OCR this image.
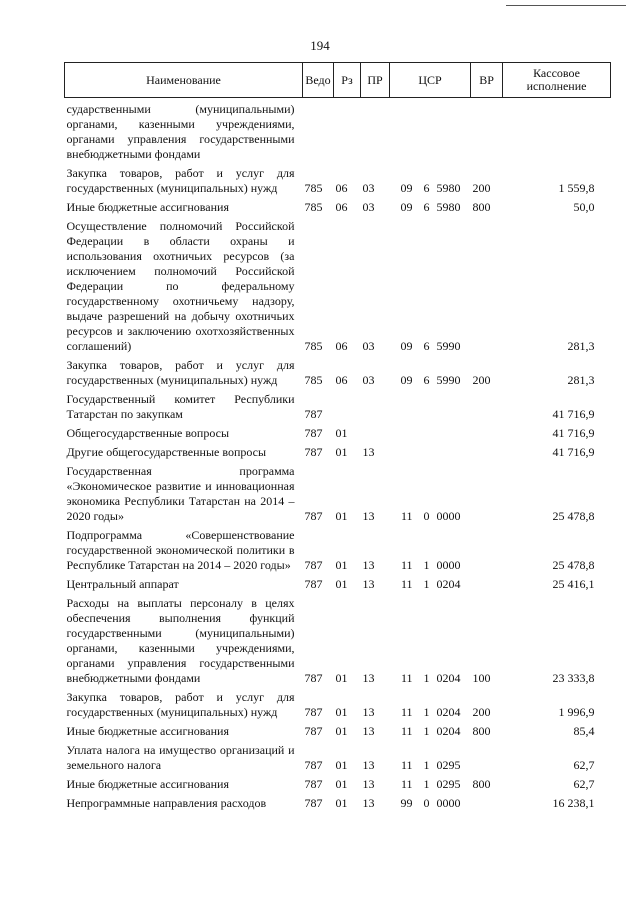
194
Наименование	Ведо	Рз	ПР	ЦСР			ВР	Кассовое исполнение
сударственными (муниципальными) органами, казенными учреждениями, органами управления государственными внебюджетными фондами								
Закупка товаров, работ и услуг для государственных (муниципальных) нужд	785	06	03	09	6	5980	200	1 559,8
Иные бюджетные ассигнования	785	06	03	09	6	5980	800	50,0
Осуществление полномочий Российской Федерации в области охраны и использования охотничьих ресурсов (за исключением полномочий Российской Федерации по федеральному государственному охотничьему надзору, выдаче разрешений на добычу охотничьих ресурсов и заключению охотхозяйственных соглашений)	785	06	03	09	6	5990		281,3
Закупка товаров, работ и услуг для государственных (муниципальных) нужд	785	06	03	09	6	5990	200	281,3
Государственный комитет Республики Татарстан по закупкам	787							41 716,9
Общегосударственные вопросы	787	01						41 716,9
Другие общегосударственные вопросы	787	01	13					41 716,9
Государственная программа «Экономическое развитие и инновационная экономика Республики Татарстан на 2014 – 2020 годы»	787	01	13	11	0	0000		25 478,8
Подпрограмма «Совершенствование государственной экономической политики в Республике Татарстан на 2014 – 2020 годы»	787	01	13	11	1	0000		25 478,8
Центральный аппарат	787	01	13	11	1	0204		25 416,1
Расходы на выплаты персоналу в целях обеспечения выполнения функций государственными (муниципальными) органами, казенными учреждениями, органами управления государственными внебюджетными фондами	787	01	13	11	1	0204	100	23 333,8
Закупка товаров, работ и услуг для государственных (муниципальных) нужд	787	01	13	11	1	0204	200	1 996,9
Иные бюджетные ассигнования	787	01	13	11	1	0204	800	85,4
Уплата налога на имущество организаций и земельного налога	787	01	13	11	1	0295		62,7
Иные бюджетные ассигнования	787	01	13	11	1	0295	800	62,7
Непрограммные направления расходов	787	01	13	99	0	0000		16 238,1
